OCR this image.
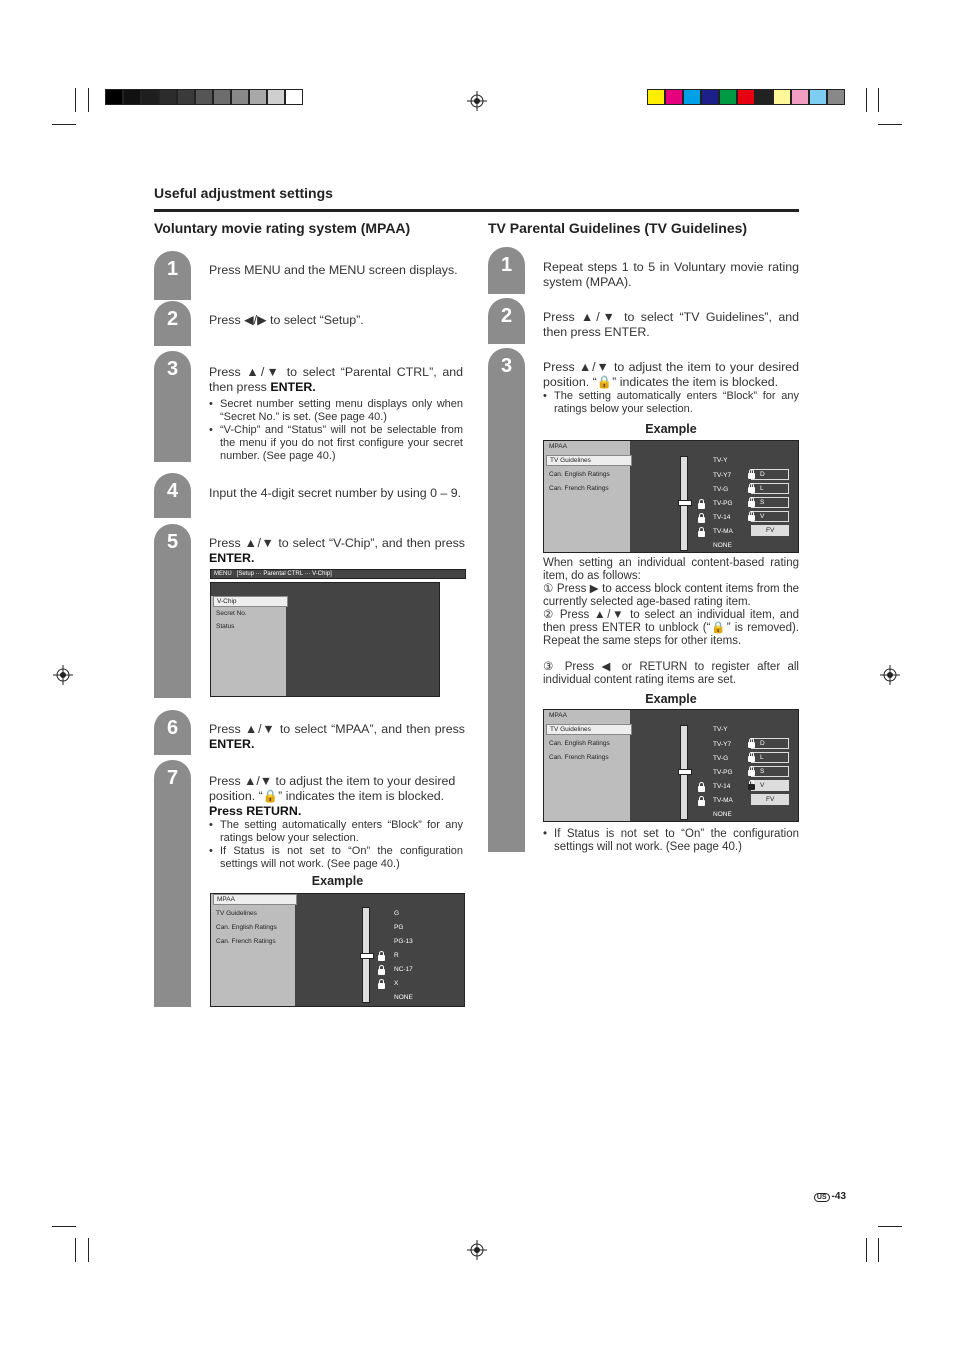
Useful adjustment settings
Voluntary movie rating system (MPAA)
1	Press MENU and the MENU screen displays.
2	Press ◀/▶ to select “Setup”.
3	Press ▲/▼ to select “Parental CTRL”, and then press ENTER.
• Secret number setting menu displays only when “Secret No.” is set. (See page 40.)
• “V-Chip” and “Status” will not be selectable from the menu if you do not first configure your secret number. (See page 40.)
4	Input the 4-digit secret number by using 0 – 9.
5	Press ▲/▼ to select “V-Chip”, and then press ENTER.
MENU   [Setup ··· Parental CTRL ··· V-Chip]
V-Chip
Secret No.
Status
6	Press ▲/▼ to select “MPAA”, and then press ENTER.
7	Press ▲/▼ to adjust the item to your desired position. “🔒” indicates the item is blocked. Press RETURN.
• The setting automatically enters “Block” for any ratings below your selection.
• If Status is not set to “On” the configuration settings will not work. (See page 40.)
Example
MPAA
TV Guidelines
Can. English Ratings
Can. French Ratings
G
PG
PG-13
R
NC-17
X
NONE
TV Parental Guidelines (TV Guidelines)
1	Repeat steps 1 to 5 in Voluntary movie rating system (MPAA).
2	Press ▲/▼ to select “TV Guidelines”, and then press ENTER.
3	Press ▲/▼ to adjust the item to your desired position. “🔒” indicates the item is blocked.
• The setting automatically enters “Block” for any ratings below your selection.
Example
MPAA
TV Guidelines
Can. English Ratings
Can. French Ratings
TV-Y
TV-Y7
TV-G
TV-PG
TV-14
TV-MA
NONE
D
L
S
V
FV
When setting an individual content-based rating item, do as follows:
① Press ▶ to access block content items from the currently selected age-based rating item.
② Press ▲/▼ to select an individual item, and then press ENTER to unblock (“🔒” is removed). Repeat the same steps for other items.
③ Press ◀ or RETURN to register after all individual content rating items are set.
Example
MPAA
TV Guidelines
Can. English Ratings
Can. French Ratings
TV-Y
TV-Y7
TV-G
TV-PG
TV-14
TV-MA
NONE
D
L
S
V
FV
• If Status is not set to “On” the configuration settings will not work. (See page 40.)
US -43
